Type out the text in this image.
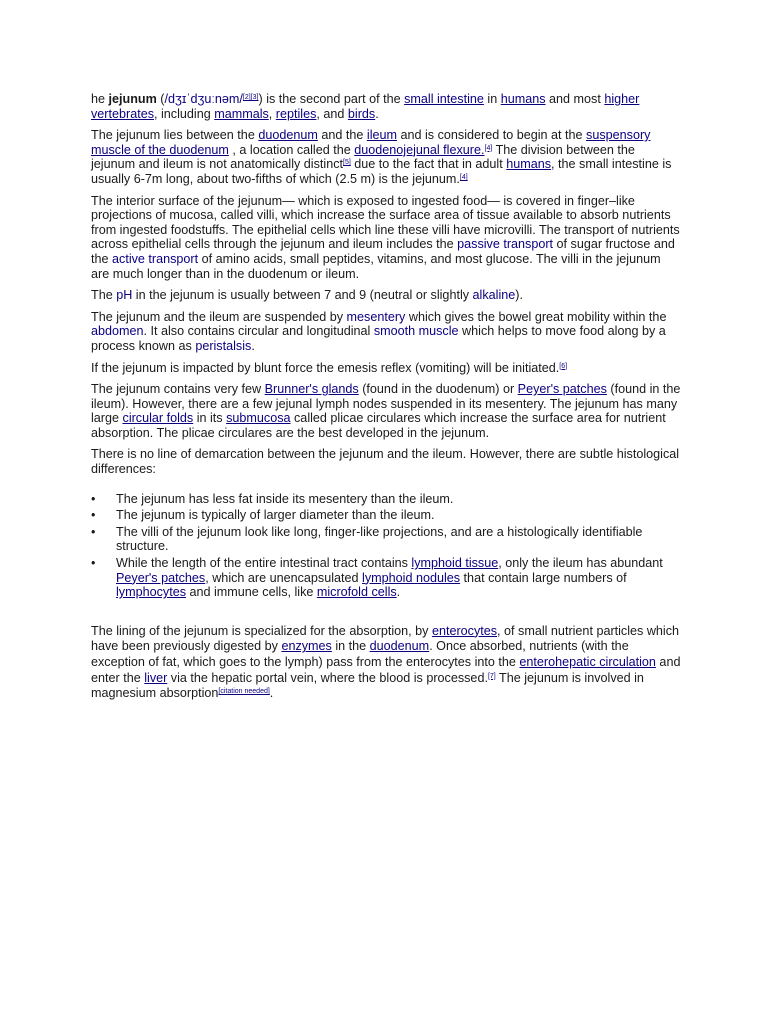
he jejunum (/dʒɪˈdʒuːnəm/[2][3]) is the second part of the small intestine in humans and most higher vertebrates, including mammals, reptiles, and birds.

The jejunum lies between the duodenum and the ileum and is considered to begin at the suspensory muscle of the duodenum , a location called the duodenojejunal flexure.[4] The division between the jejunum and ileum is not anatomically distinct[5] due to the fact that in adult humans, the small intestine is usually 6-7m long, about two-fifths of which (2.5 m) is the jejunum.[4]

The interior surface of the jejunum— which is exposed to ingested food— is covered in finger–like projections of mucosa, called villi, which increase the surface area of tissue available to absorb nutrients from ingested foodstuffs. The epithelial cells which line these villi have microvilli. The transport of nutrients across epithelial cells through the jejunum and ileum includes the passive transport of sugar fructose and the active transport of amino acids, small peptides, vitamins, and most glucose. The villi in the jejunum are much longer than in the duodenum or ileum.

The pH in the jejunum is usually between 7 and 9 (neutral or slightly alkaline).

The jejunum and the ileum are suspended by mesentery which gives the bowel great mobility within the abdomen. It also contains circular and longitudinal smooth muscle which helps to move food along by a process known as peristalsis.

If the jejunum is impacted by blunt force the emesis reflex (vomiting) will be initiated.[6]

The jejunum contains very few Brunner's glands (found in the duodenum) or Peyer's patches (found in the ileum). However, there are a few jejunal lymph nodes suspended in its mesentery. The jejunum has many large circular folds in its submucosa called plicae circulares which increase the surface area for nutrient absorption. The plicae circulares are the best developed in the jejunum.

There is no line of demarcation between the jejunum and the ileum. However, there are subtle histological differences:

• The jejunum has less fat inside its mesentery than the ileum.
• The jejunum is typically of larger diameter than the ileum.
• The villi of the jejunum look like long, finger-like projections, and are a histologically identifiable structure.
• While the length of the entire intestinal tract contains lymphoid tissue, only the ileum has abundant Peyer's patches, which are unencapsulated lymphoid nodules that contain large numbers of lymphocytes and immune cells, like microfold cells.

The lining of the jejunum is specialized for the absorption, by enterocytes, of small nutrient particles which have been previously digested by enzymes in the duodenum. Once absorbed, nutrients (with the exception of fat, which goes to the lymph) pass from the enterocytes into the enterohepatic circulation and enter the liver via the hepatic portal vein, where the blood is processed.[7] The jejunum is involved in magnesium absorption[citation needed].
